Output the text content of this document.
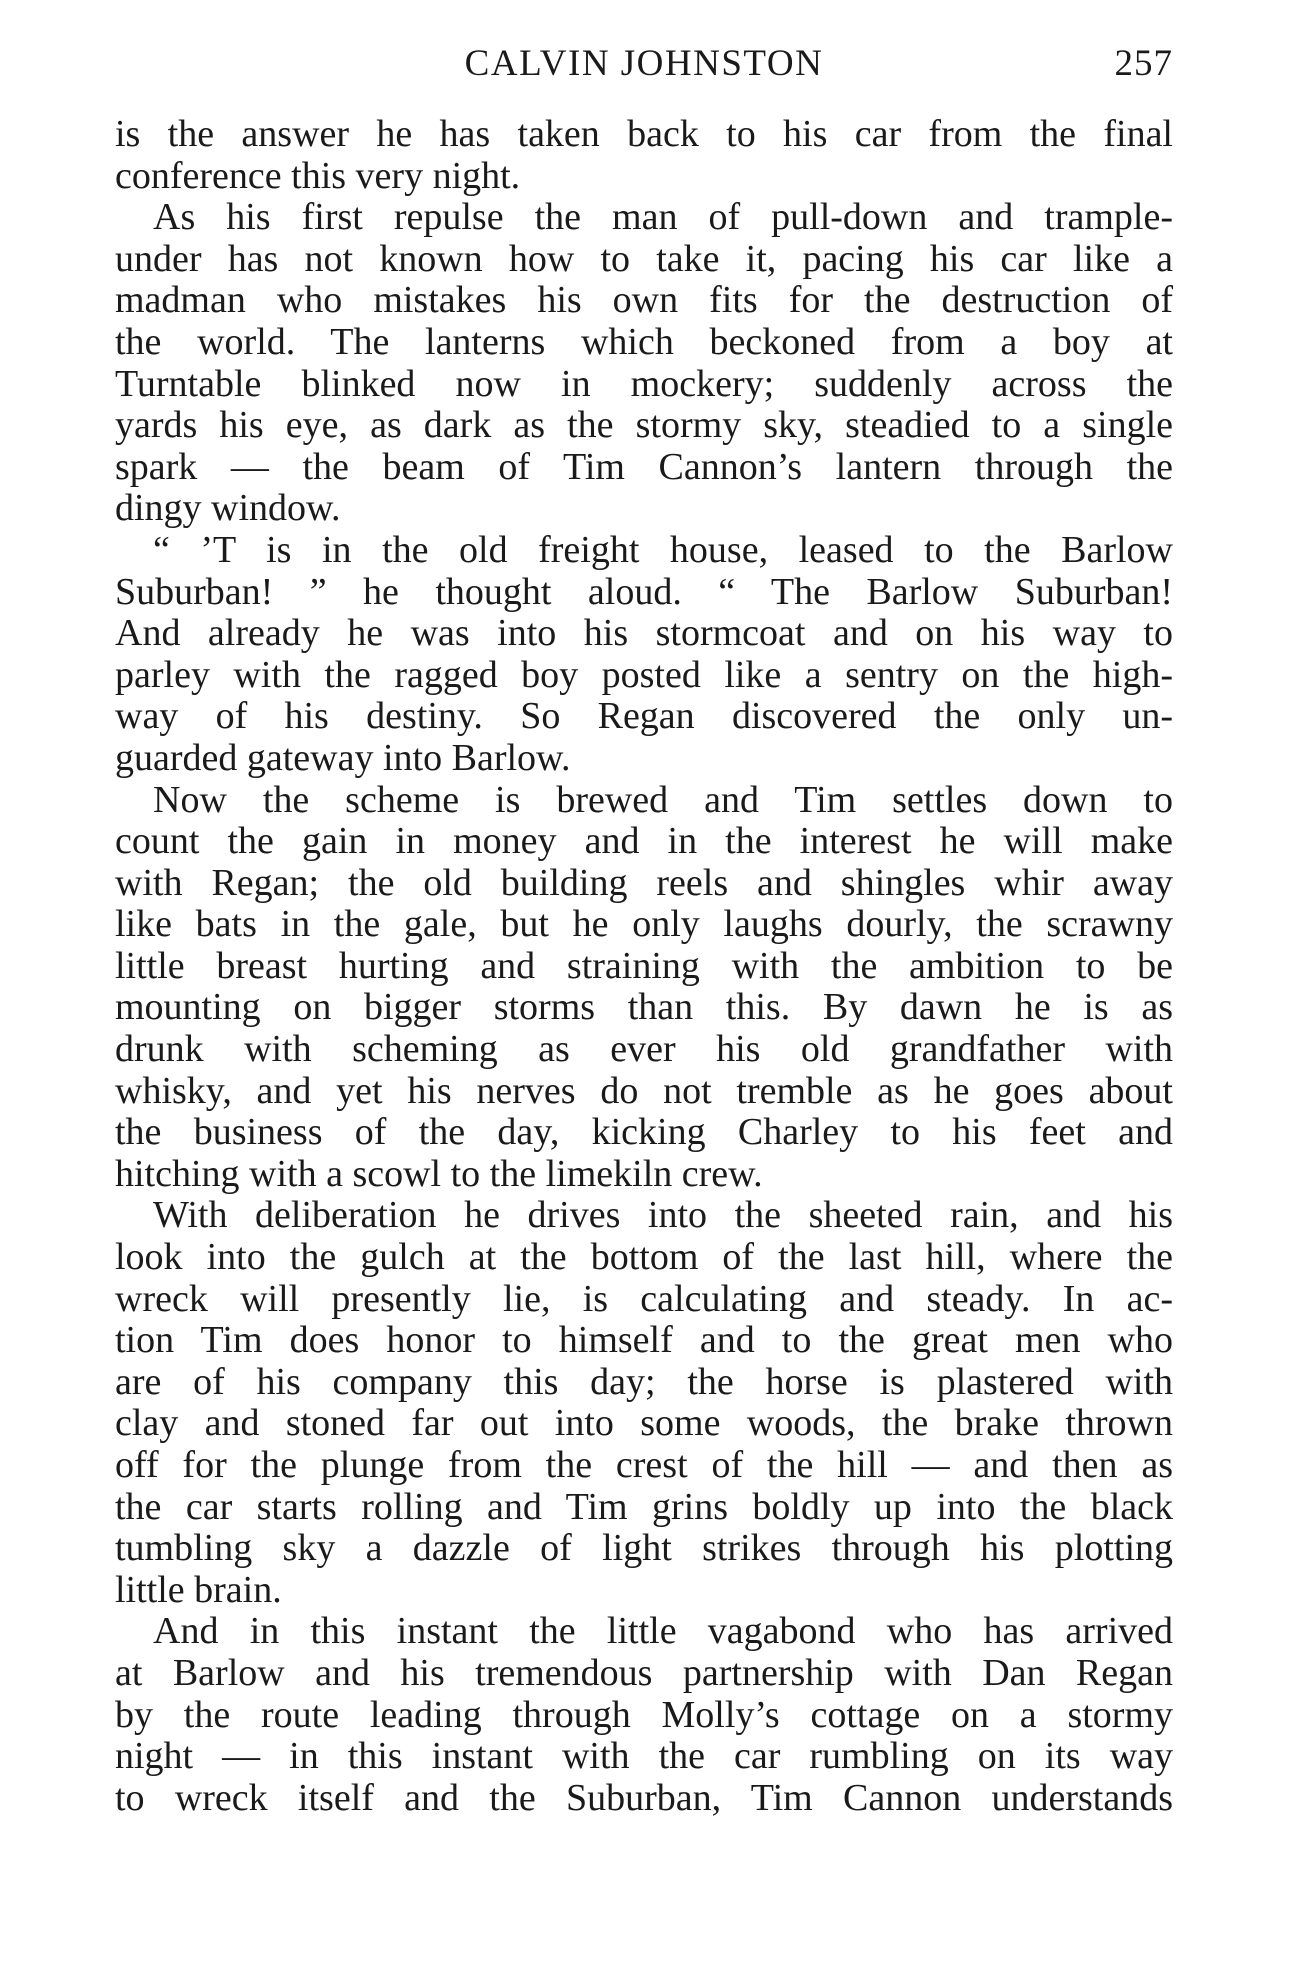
CALVIN JOHNSTON	257
is the answer he has taken back to his car from the final
conference this very night.
As his first repulse the man of pull-down and trample-
under has not known how to take it, pacing his car like a
madman who mistakes his own fits for the destruction of
the world. The lanterns which beckoned from a boy at
Turntable blinked now in mockery; suddenly across the
yards his eye, as dark as the stormy sky, steadied to a single
spark — the beam of Tim Cannon’s lantern through the
dingy window.
“ ’T is in the old freight house, leased to the Barlow
Suburban! ” he thought aloud. “ The Barlow Suburban!
And already he was into his stormcoat and on his way to
parley with the ragged boy posted like a sentry on the high-
way of his destiny. So Regan discovered the only un-
guarded gateway into Barlow.
Now the scheme is brewed and Tim settles down to
count the gain in money and in the interest he will make
with Regan; the old building reels and shingles whir away
like bats in the gale, but he only laughs dourly, the scrawny
little breast hurting and straining with the ambition to be
mounting on bigger storms than this. By dawn he is as
drunk with scheming as ever his old grandfather with
whisky, and yet his nerves do not tremble as he goes about
the business of the day, kicking Charley to his feet and
hitching with a scowl to the limekiln crew.
With deliberation he drives into the sheeted rain, and his
look into the gulch at the bottom of the last hill, where the
wreck will presently lie, is calculating and steady. In ac-
tion Tim does honor to himself and to the great men who
are of his company this day; the horse is plastered with
clay and stoned far out into some woods, the brake thrown
off for the plunge from the crest of the hill — and then as
the car starts rolling and Tim grins boldly up into the black
tumbling sky a dazzle of light strikes through his plotting
little brain.
And in this instant the little vagabond who has arrived
at Barlow and his tremendous partnership with Dan Regan
by the route leading through Molly’s cottage on a stormy
night — in this instant with the car rumbling on its way
to wreck itself and the Suburban, Tim Cannon understands
